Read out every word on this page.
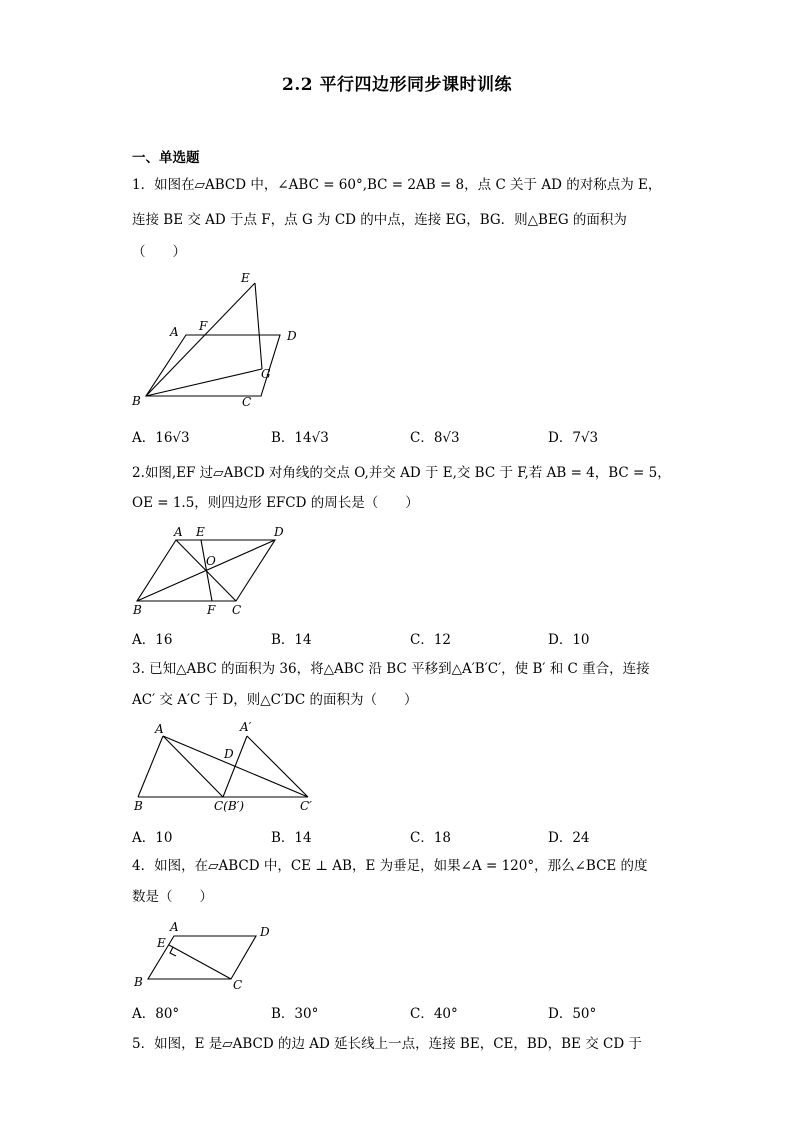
2.2 平行四边形同步课时训练
一、单选题
1．如图在▱ABCD 中，∠ABC = 60°,BC = 2AB = 8，点 C 关于 AD 的对称点为 E，
连接 BE 交 AD 于点 F，点 G 为 CD 的中点，连接 EG，BG．则△BEG 的面积为
（　　）
E
A F
D
G
B	C
A．16√3	B．14√3	C．8√3	D．7√3
2.如图,EF 过▱ABCD 对角线的交点 O,并交 AD 于 E,交 BC 于 F,若 AB = 4，BC = 5，
OE = 1.5，则四边形 EFCD 的周长是（　　）
A E	D
O
B	F C
A．16	B．14	C．12	D．10
3. 已知△ABC 的面积为 36，将△ABC 沿 BC 平移到△A′B′C′，使 B′ 和 C 重合，连接
AC′ 交 A′C 于 D，则△C′DC 的面积为（　　）
A	A′
D
B	C(B′)	C′
A．10	B．14	C．18	D．24
4．如图，在▱ABCD 中，CE ⊥ AB，E 为垂足，如果∠A = 120°，那么∠BCE 的度
数是（　　）
A	D
E
B	C
A．80°	B．30°	C．40°	D．50°
5．如图，E 是▱ABCD 的边 AD 延长线上一点，连接 BE，CE，BD，BE 交 CD 于
